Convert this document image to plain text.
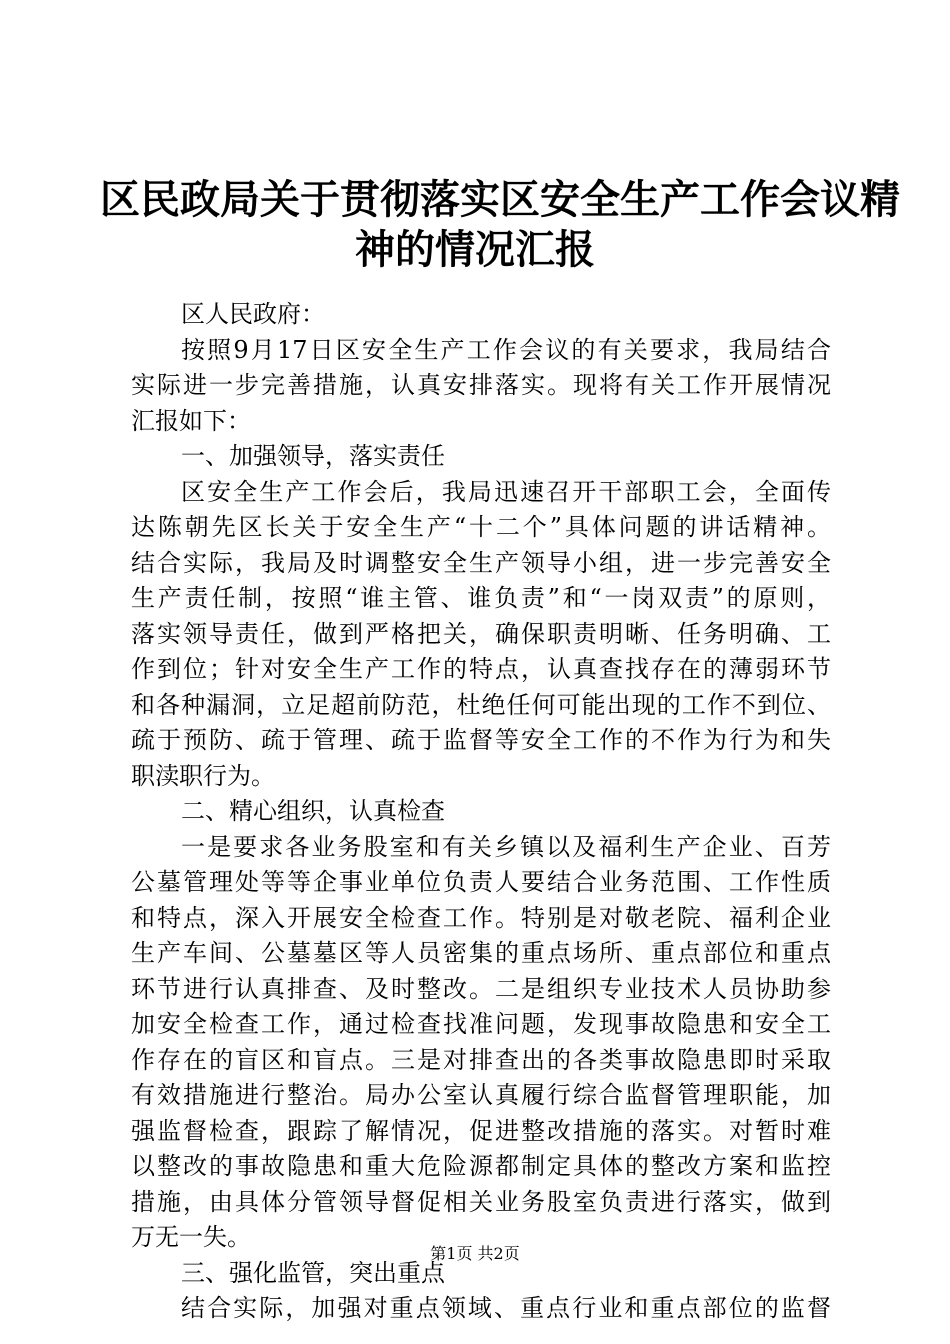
区民政局关于贯彻落实区安全生产工作会议精
神的情况汇报
区人民政府：
按照9月17日区安全生产工作会议的有关要求，我局结合
实际进一步完善措施，认真安排落实。现将有关工作开展情况
汇报如下：
一、加强领导，落实责任
区安全生产工作会后，我局迅速召开干部职工会，全面传
达陈朝先区长关于安全生产“十二个”具体问题的讲话精神。
结合实际，我局及时调整安全生产领导小组，进一步完善安全
生产责任制，按照“谁主管、谁负责”和“一岗双责”的原则，
落实领导责任，做到严格把关，确保职责明晰、任务明确、工
作到位；针对安全生产工作的特点，认真查找存在的薄弱环节
和各种漏洞，立足超前防范，杜绝任何可能出现的工作不到位、
疏于预防、疏于管理、疏于监督等安全工作的不作为行为和失
职渎职行为。
二、精心组织，认真检查
一是要求各业务股室和有关乡镇以及福利生产企业、百芳
公墓管理处等等企事业单位负责人要结合业务范围、工作性质
和特点，深入开展安全检查工作。特别是对敬老院、福利企业
生产车间、公墓墓区等人员密集的重点场所、重点部位和重点
环节进行认真排查、及时整改。二是组织专业技术人员协助参
加安全检查工作，通过检查找准问题，发现事故隐患和安全工
作存在的盲区和盲点。三是对排查出的各类事故隐患即时采取
有效措施进行整治。局办公室认真履行综合监督管理职能，加
强监督检查，跟踪了解情况，促进整改措施的落实。对暂时难
以整改的事故隐患和重大危险源都制定具体的整改方案和监控
措施，由具体分管领导督促相关业务股室负责进行落实，做到
万无一失。
三、强化监管，突出重点
结合实际，加强对重点领域、重点行业和重点部位的监督
第1页 共2页
